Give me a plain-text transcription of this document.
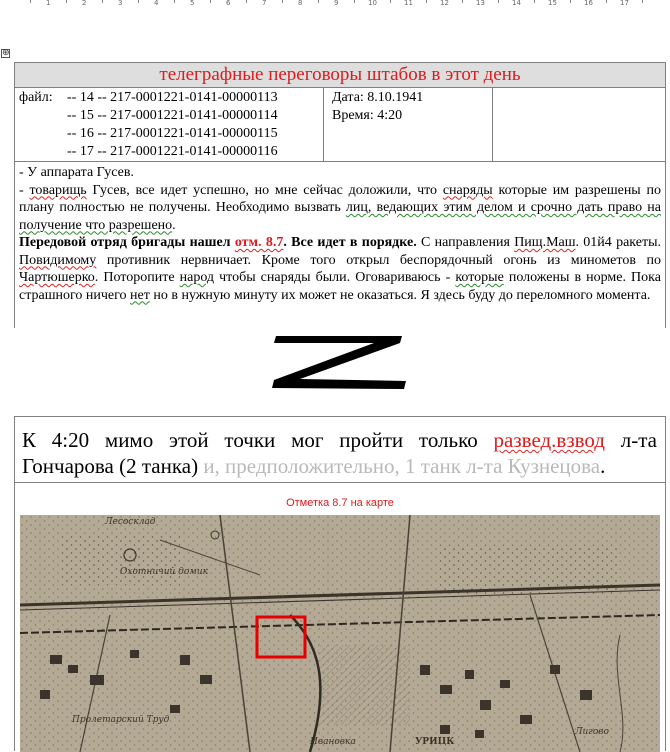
1	2	3	4	5	6	7	8	9	10	11	12	13	14	15	16	17
⊕
телеграфные переговоры штабов в этот день
файл:	-- 14 -- 217-0001221-0141-00000113
-- 15 -- 217-0001221-0141-00000114
-- 16 -- 217-0001221-0141-00000115
-- 17 -- 217-0001221-0141-00000116
Дата: 8.10.1941
Время: 4:20

- У аппарата Гусев.

- товарищь Гусев, все идет успешно, но мне сейчас доложили, что снаряды которые им разрешены по плану полностью не получены. Необходимо вызвать лиц, ведающих этим делом и срочно дать право на получение что разрешено.

Передовой отряд бригады нашел отм. 8.7. Все идет в порядке. С направления Пищ.Маш. 01й4 ракеты. Повидимому противник нервничает. Кроме того открыл беспорядочный огонь из минометов по Чартюшерко. Поторопите народ чтобы снаряды были. Оговариваюсь - которые положены в норме. Пока страшного ничего нет но в нужную минуту их может не оказаться. Я здесь буду до переломного момента.

К 4:20 мимо этой точки мог пройти только развед.взвод л-та Гончарова (2 танка) и, предположительно, 1 танк л-та Кузнецова.
Отметка 8.7 на карте
Лесосклад
Охотничий домик
Пролетарский Труд
Ивановка	УРИЦК
Лигово
